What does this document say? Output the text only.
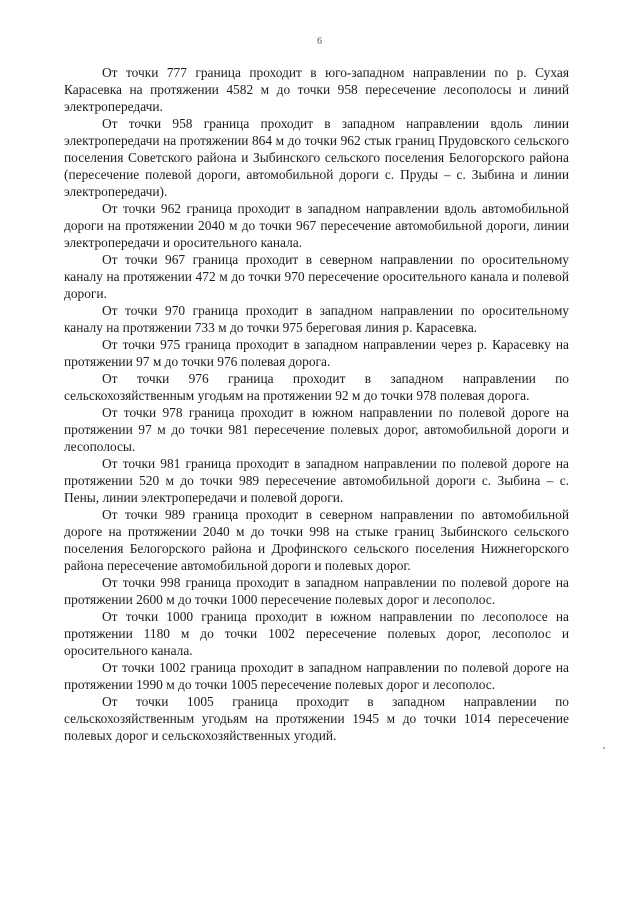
6

От точки 777 граница проходит в юго-западном направлении по р. Сухая Карасевка на протяжении 4582 м до точки 958 пересечение лесополосы и линий электропередачи.

От точки 958 граница проходит в западном направлении вдоль линии электропередачи на протяжении 864 м до точки 962 стык границ Прудовского сельского поселения Советского района и Зыбинского сельского поселения Белогорского района (пересечение полевой дороги, автомобильной дороги с. Пруды – с. Зыбина и линии электропередачи).

От точки 962 граница проходит в западном направлении вдоль автомобильной дороги на протяжении 2040 м до точки 967 пересечение автомобильной дороги, линии электропередачи и оросительного канала.

От точки 967 граница проходит в северном направлении по оросительному каналу на протяжении 472 м до точки 970 пересечение оросительного канала и полевой дороги.

От точки 970 граница проходит в западном направлении по оросительному каналу на протяжении 733 м до точки 975 береговая линия р. Карасевка.

От точки 975 граница проходит в западном направлении через р. Карасевку на протяжении 97 м до точки 976 полевая дорога.

От точки 976 граница проходит в западном направлении по сельскохозяйственным угодьям на протяжении 92 м до точки 978 полевая дорога.

От точки 978 граница проходит в южном направлении по полевой дороге на протяжении 97 м до точки 981 пересечение полевых дорог, автомобильной дороги и лесополосы.

От точки 981 граница проходит в западном направлении по полевой дороге на протяжении 520 м до точки 989 пересечение автомобильной дороги с. Зыбина – с. Пены, линии электропередачи и полевой дороги.

От точки 989 граница проходит в северном направлении по автомобильной дороге на протяжении 2040 м до точки 998 на стыке границ Зыбинского сельского поселения Белогорского района и Дрофинского сельского поселения Нижнегорского района пересечение автомобильной дороги и полевых дорог.

От точки 998 граница проходит в западном направлении по полевой дороге на протяжении 2600 м до точки 1000 пересечение полевых дорог и лесополос.

От точки 1000 граница проходит в южном направлении по лесополосе на протяжении 1180 м до точки 1002 пересечение полевых дорог, лесополос и оросительного канала.

От точки 1002 граница проходит в западном направлении по полевой дороге на протяжении 1990 м до точки 1005 пересечение полевых дорог и лесополос.

От точки 1005 граница проходит в западном направлении по сельскохозяйственным угодьям на протяжении 1945 м до точки 1014 пересечение полевых дорог и сельскохозяйственных угодий.
